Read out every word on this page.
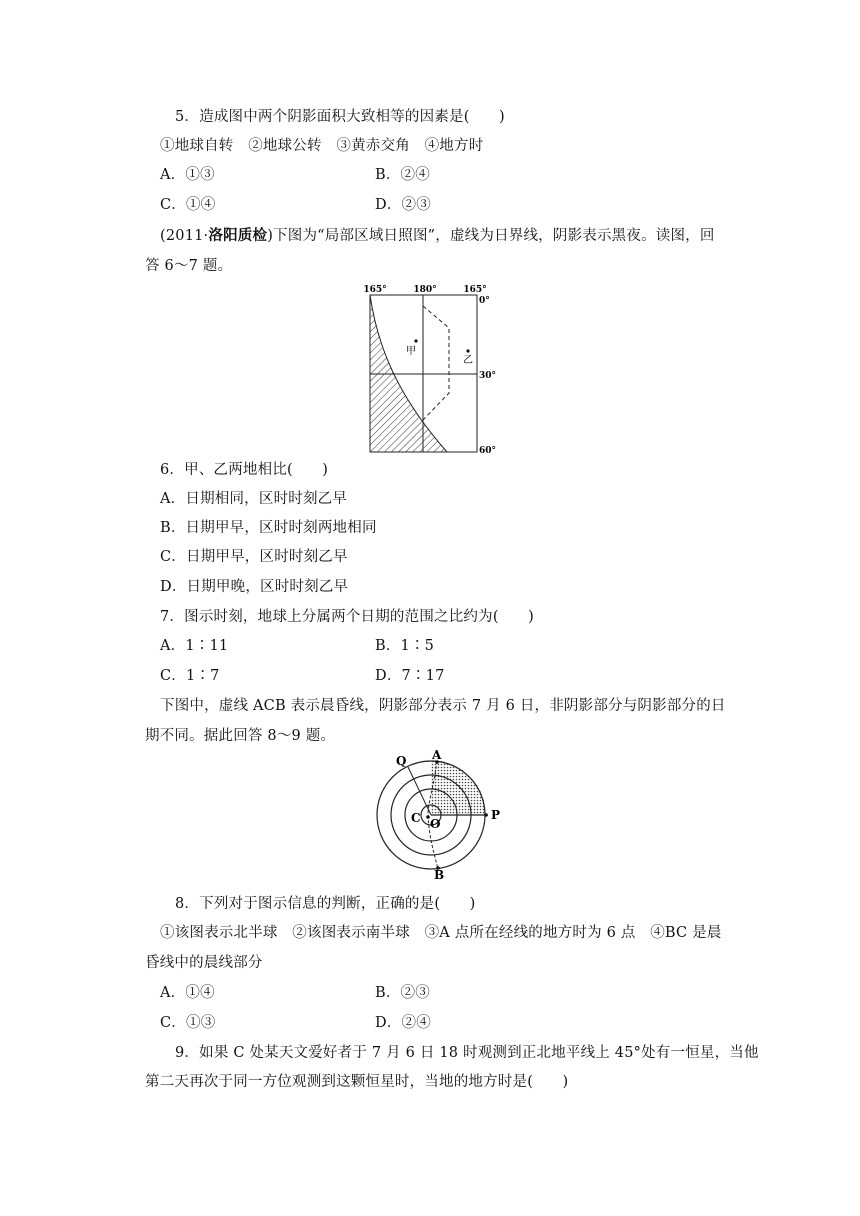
5．造成图中两个阴影面积大致相等的因素是(　　)
①地球自转　②地球公转　③黄赤交角　④地方时
A．①③	B．②④
C．①④	D．②③
(2011·洛阳质检)下图为“局部区域日照图”，虚线为日界线，阴影表示黑夜。读图，回
答 6～7 题。
165°	180°	165°
0°
30°
60°
甲
乙
6．甲、乙两地相比(　　)
A．日期相同，区时时刻乙早
B．日期甲早，区时时刻两地相同
C．日期甲早，区时时刻乙早
D．日期甲晚，区时时刻乙早
7．图示时刻，地球上分属两个日期的范围之比约为(　　)
A．1∶11	B．1∶5
C．1∶7	D．7∶17
下图中，虚线 ACB 表示晨昏线，阴影部分表示 7 月 6 日，非阴影部分与阴影部分的日
期不同。据此回答 8～9 题。
Q A
P
C O
B
8．下列对于图示信息的判断，正确的是(　　)
①该图表示北半球　②该图表示南半球　③A 点所在经线的地方时为 6 点　④BC 是晨
昏线中的晨线部分
A．①④	B．②③
C．①③	D．②④
9．如果 C 处某天文爱好者于 7 月 6 日 18 时观测到正北地平线上 45°处有一恒星，当他
第二天再次于同一方位观测到这颗恒星时，当地的地方时是(　　)
